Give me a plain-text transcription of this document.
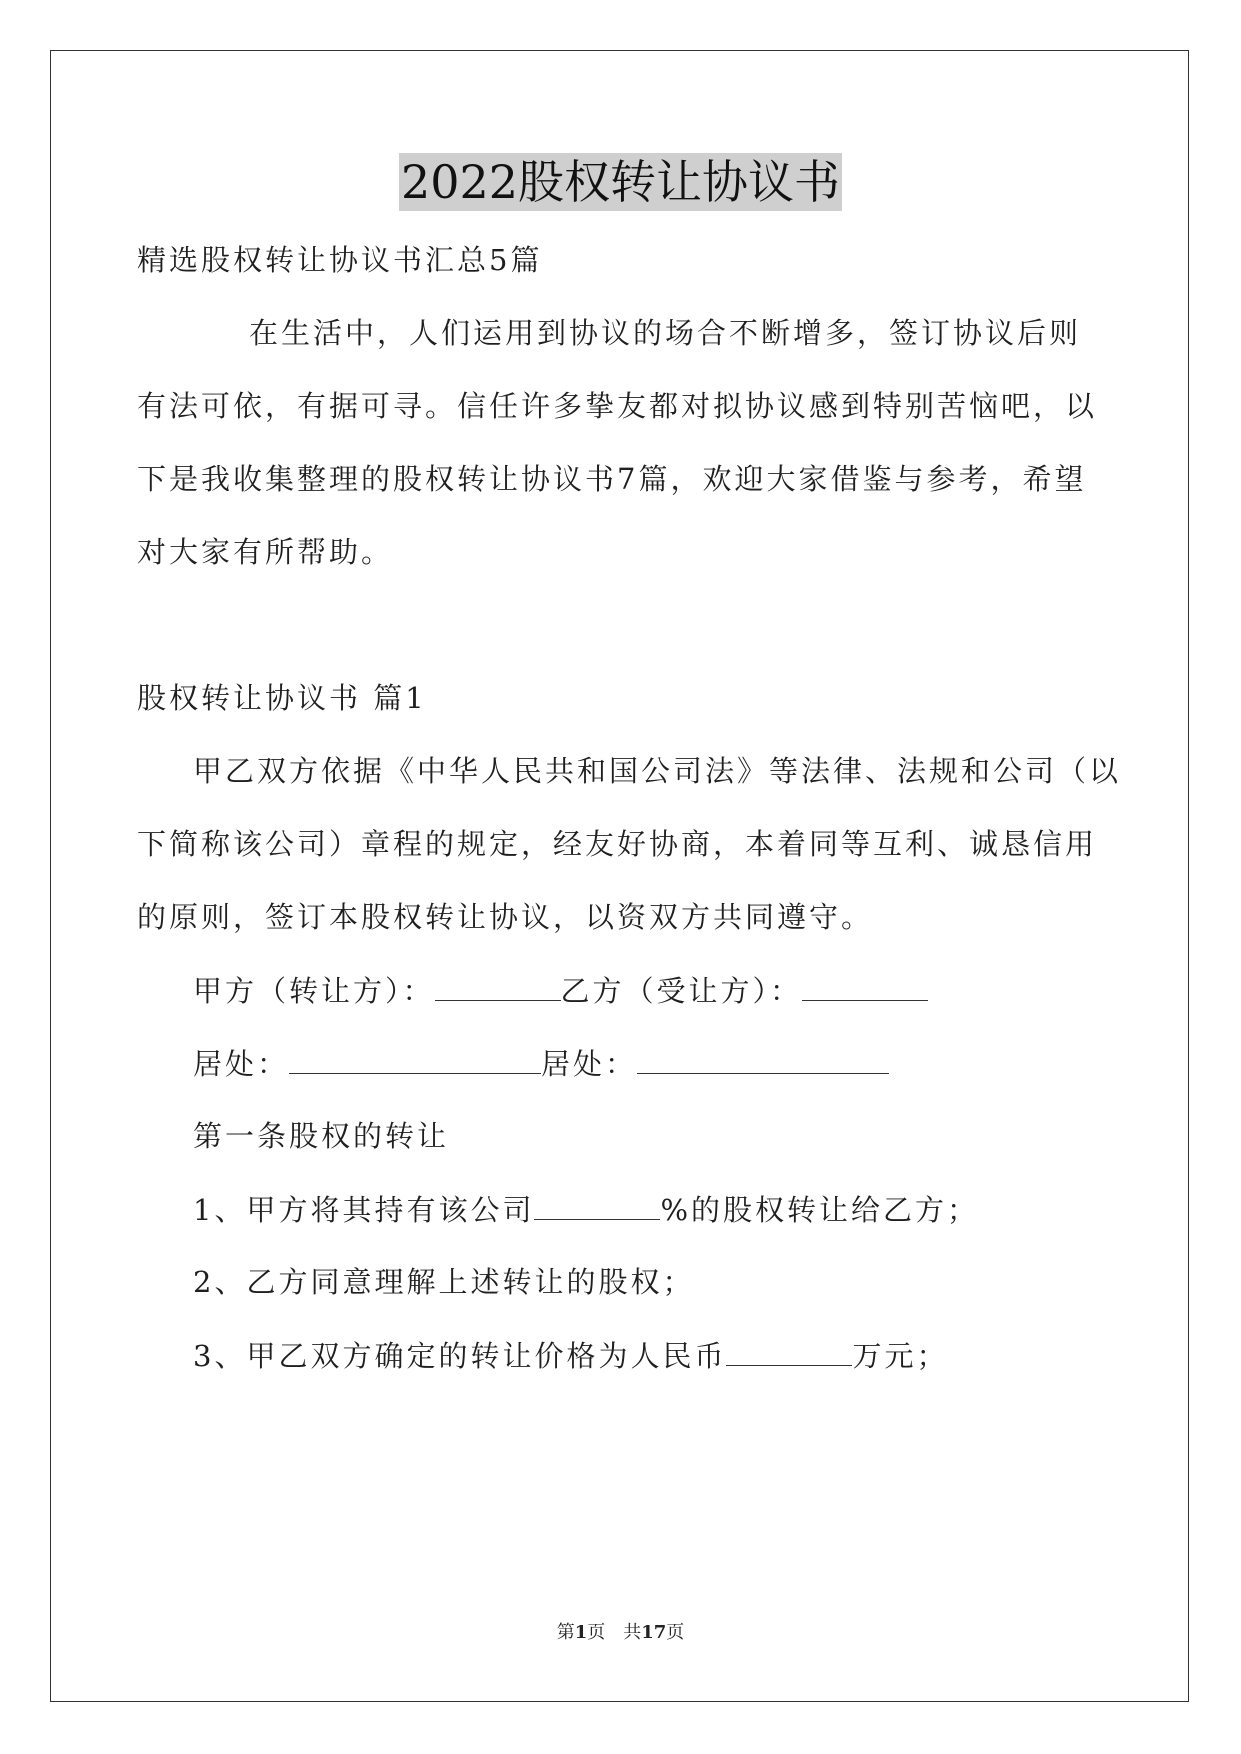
2022股权转让协议书
精选股权转让协议书汇总5篇
在生活中，人们运用到协议的场合不断增多，签订协议后则
有法可依，有据可寻。信任许多挚友都对拟协议感到特别苦恼吧，以
下是我收集整理的股权转让协议书7篇，欢迎大家借鉴与参考，希望
对大家有所帮助。
股权转让协议书 篇1
甲乙双方依据《中华人民共和国公司法》等法律、法规和公司（以
下简称该公司）章程的规定，经友好协商，本着同等互利、诚恳信用
的原则，签订本股权转让协议，以资双方共同遵守。
甲方（转让方）：	乙方（受让方）：
居处：	居处：
第一条股权的转让
1、甲方将其持有该公司	%的股权转让给乙方；
2、乙方同意理解上述转让的股权；
3、甲乙双方确定的转让价格为人民币	万元；
第1页　共17页
